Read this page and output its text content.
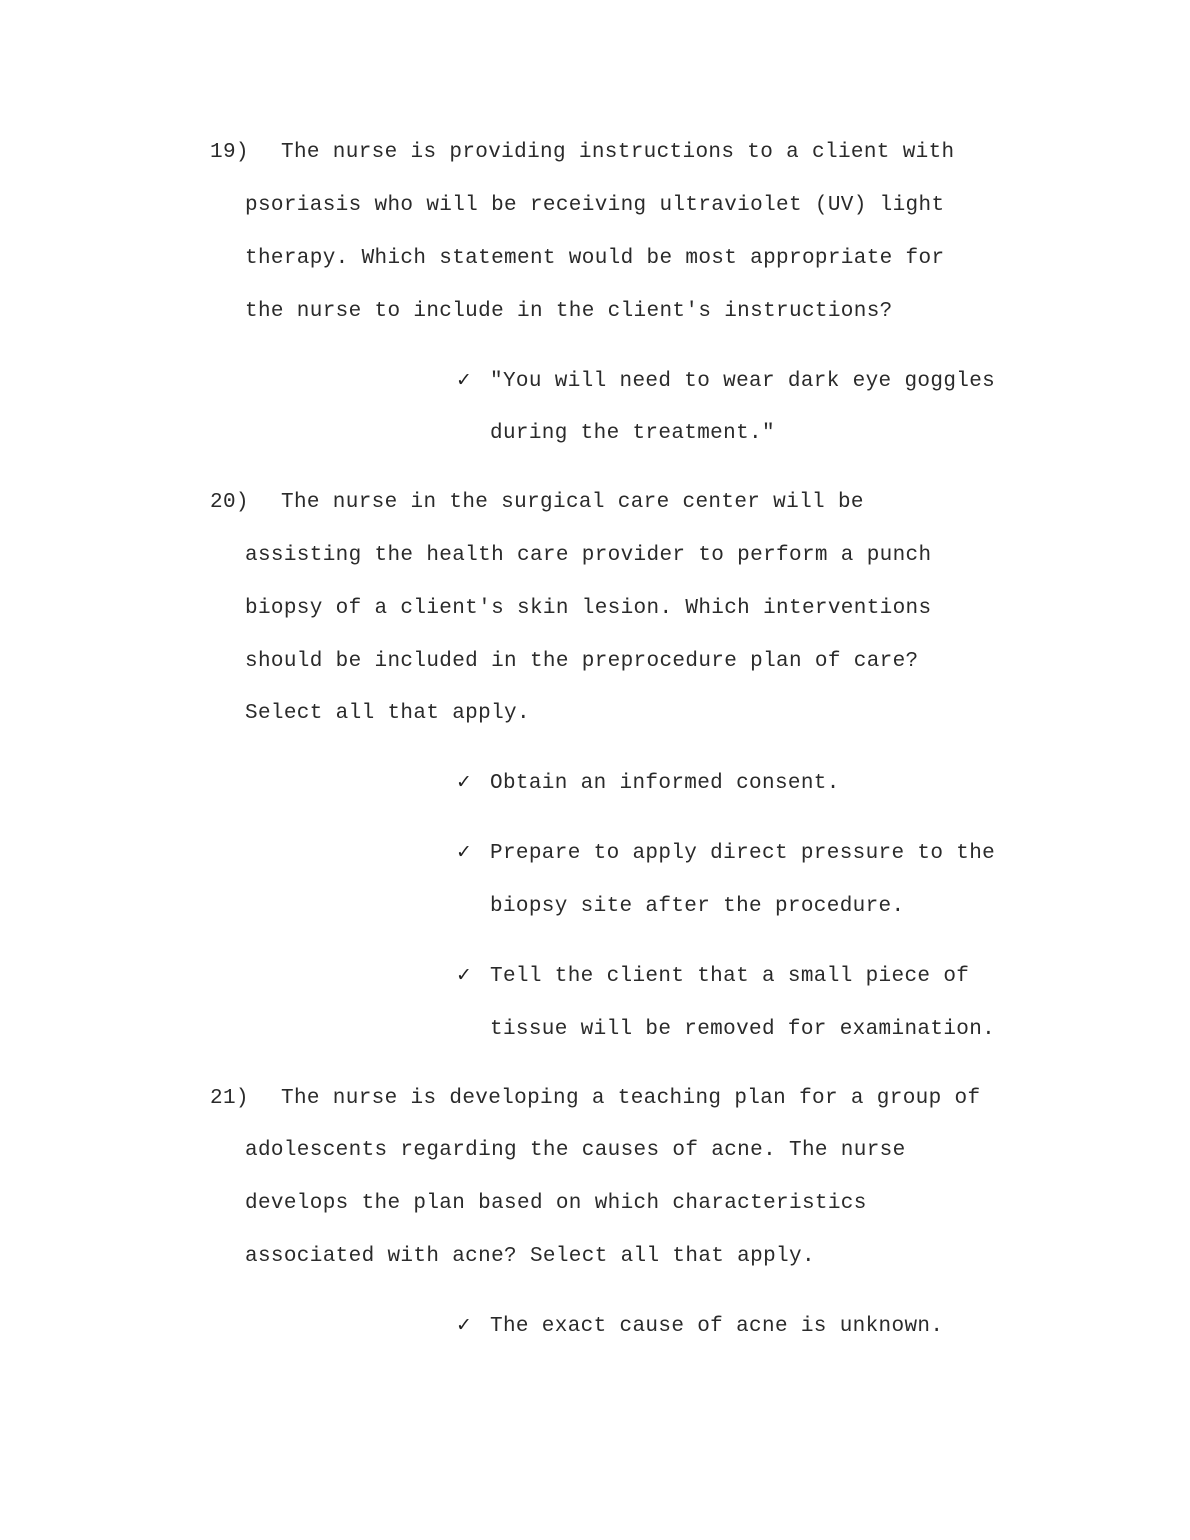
19) The nurse is providing instructions to a client with
psoriasis who will be receiving ultraviolet (UV) light
therapy. Which statement would be most appropriate for
the nurse to include in the client's instructions?
✓ "You will need to wear dark eye goggles
during the treatment."
20) The nurse in the surgical care center will be
assisting the health care provider to perform a punch
biopsy of a client's skin lesion. Which interventions
should be included in the preprocedure plan of care?
Select all that apply.
✓ Obtain an informed consent.
✓ Prepare to apply direct pressure to the
biopsy site after the procedure.
✓ Tell the client that a small piece of
tissue will be removed for examination.
21) The nurse is developing a teaching plan for a group of
adolescents regarding the causes of acne. The nurse
develops the plan based on which characteristics
associated with acne? Select all that apply.
✓ The exact cause of acne is unknown.
